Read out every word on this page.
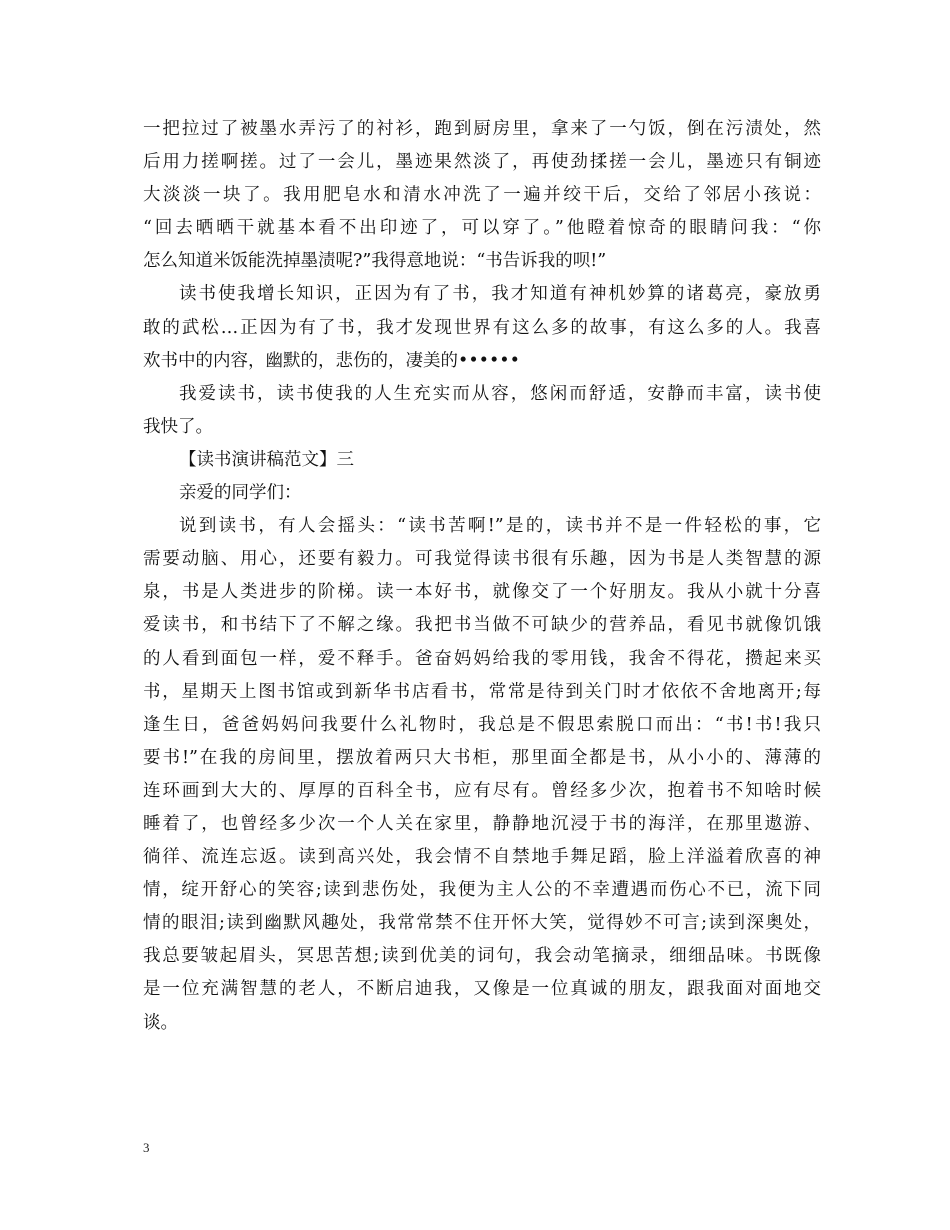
一把拉过了被墨水弄污了的衬衫，跑到厨房里，拿来了一勺饭，倒在污渍处，然
后用力搓啊搓。过了一会儿，墨迹果然淡了，再使劲揉搓一会儿，墨迹只有铜迹
大淡淡一块了。我用肥皂水和清水冲洗了一遍并绞干后，交给了邻居小孩说：
“回去晒晒干就基本看不出印迹了，可以穿了。”他瞪着惊奇的眼睛问我：“你
怎么知道米饭能洗掉墨渍呢?”我得意地说：“书告诉我的呗!”
读书使我增长知识，正因为有了书，我才知道有神机妙算的诸葛亮，豪放勇
敢的武松…正因为有了书，我才发现世界有这么多的故事，有这么多的人。我喜
欢书中的内容，幽默的，悲伤的，凄美的••••••
我爱读书，读书使我的人生充实而从容，悠闲而舒适，安静而丰富，读书使
我快了。
【读书演讲稿范文】三
亲爱的同学们：
说到读书，有人会摇头：“读书苦啊!”是的，读书并不是一件轻松的事，它
需要动脑、用心，还要有毅力。可我觉得读书很有乐趣，因为书是人类智慧的源
泉，书是人类进步的阶梯。读一本好书，就像交了一个好朋友。我从小就十分喜
爱读书，和书结下了不解之缘。我把书当做不可缺少的营养品，看见书就像饥饿
的人看到面包一样，爱不释手。爸奋妈妈给我的零用钱，我舍不得花，攒起来买
书，星期天上图书馆或到新华书店看书，常常是待到关门时才依依不舍地离开;每
逢生日，爸爸妈妈问我要什么礼物时，我总是不假思索脱口而出：“书!书!我只
要书!”在我的房间里，摆放着两只大书柜，那里面全都是书，从小小的、薄薄的
连环画到大大的、厚厚的百科全书，应有尽有。曾经多少次，抱着书不知啥时候
睡着了，也曾经多少次一个人关在家里，静静地沉浸于书的海洋，在那里遨游、
徜徉、流连忘返。读到高兴处，我会情不自禁地手舞足蹈，脸上洋溢着欣喜的神
情，绽开舒心的笑容;读到悲伤处，我便为主人公的不幸遭遇而伤心不已，流下同
情的眼泪;读到幽默风趣处，我常常禁不住开怀大笑，觉得妙不可言;读到深奥处，
我总要皱起眉头，冥思苦想;读到优美的词句，我会动笔摘录，细细品味。书既像
是一位充满智慧的老人，不断启迪我，又像是一位真诚的朋友，跟我面对面地交
谈。
3
